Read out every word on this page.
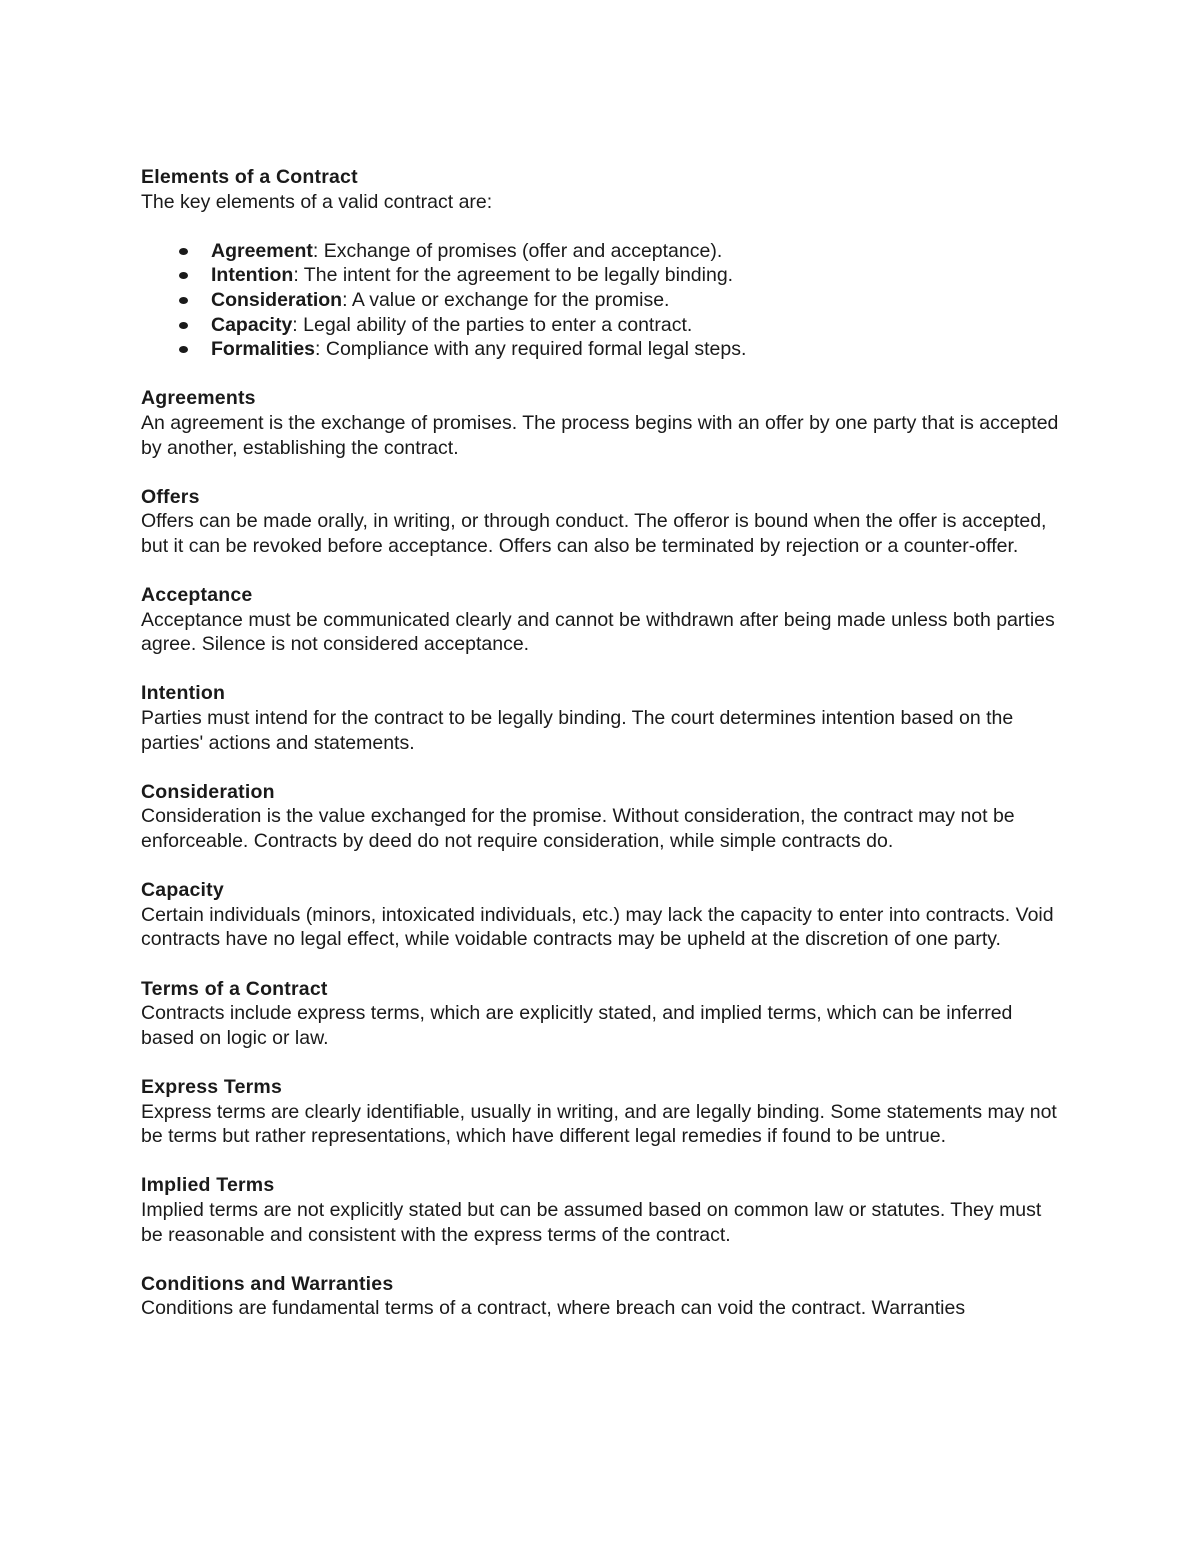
Elements of a Contract

The key elements of a valid contract are:

Agreement: Exchange of promises (offer and acceptance).
Intention: The intent for the agreement to be legally binding.
Consideration: A value or exchange for the promise.
Capacity: Legal ability of the parties to enter a contract.
Formalities: Compliance with any required formal legal steps.
Agreements

An agreement is the exchange of promises. The process begins with an offer by one party that is accepted by another, establishing the contract.

Offers

Offers can be made orally, in writing, or through conduct. The offeror is bound when the offer is accepted, but it can be revoked before acceptance. Offers can also be terminated by rejection or a counter-offer.

Acceptance

Acceptance must be communicated clearly and cannot be withdrawn after being made unless both parties agree. Silence is not considered acceptance.

Intention

Parties must intend for the contract to be legally binding. The court determines intention based on the parties' actions and statements.

Consideration

Consideration is the value exchanged for the promise. Without consideration, the contract may not be enforceable. Contracts by deed do not require consideration, while simple contracts do.

Capacity

Certain individuals (minors, intoxicated individuals, etc.) may lack the capacity to enter into contracts. Void contracts have no legal effect, while voidable contracts may be upheld at the discretion of one party.

Terms of a Contract

Contracts include express terms, which are explicitly stated, and implied terms, which can be inferred based on logic or law.

Express Terms

Express terms are clearly identifiable, usually in writing, and are legally binding. Some statements may not be terms but rather representations, which have different legal remedies if found to be untrue.

Implied Terms

Implied terms are not explicitly stated but can be assumed based on common law or statutes. They must be reasonable and consistent with the express terms of the contract.

Conditions and Warranties

Conditions are fundamental terms of a contract, where breach can void the contract. Warranties
